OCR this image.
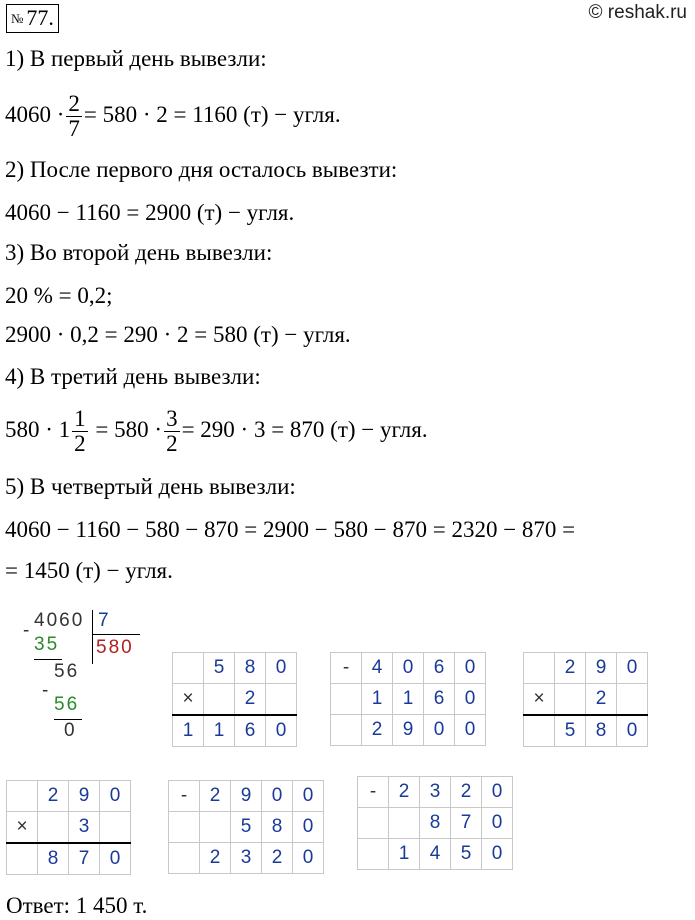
№ 77.	© reshak.ru
1) В первый день вывезли:
$4060 \cdot \frac{2}{7} = 580 \cdot 2 = 1160$ (т) − угля.
2) После первого дня осталось вывезти:
4060 − 1160 = 2900 (т) − угля.
3) Во второй день вывезли:
20 % = 0,2;
2900 · 0,2 = 290 · 2 = 580 (т) − угля.
4) В третий день вывезли:
$580 \cdot 1 \frac{1}{2} = 580 \cdot \frac{3}{2} = 290 \cdot 3 = 870$ (т) − угля.
5) В четвертый день вывезли:
4060 − 1160 − 580 − 870 = 2900 − 580 − 870 = 2320 − 870 =
= 1450 (т) − угля.
4060 7
580
-
35
56
-
56
0
	5	8	0
×		2	
1	1	6	0
-	4	0	6	0
	1	1	6	0
	2	9	0	0
	2	9	0
×		2	
	5	8	0
	2	9	0
×		3	
	8	7	0
-	2	9	0	0
		5	8	0
	2	3	2	0
-	2	3	2	0
		8	7	0
	1	4	5	0
Ответ: 1 450 т.
